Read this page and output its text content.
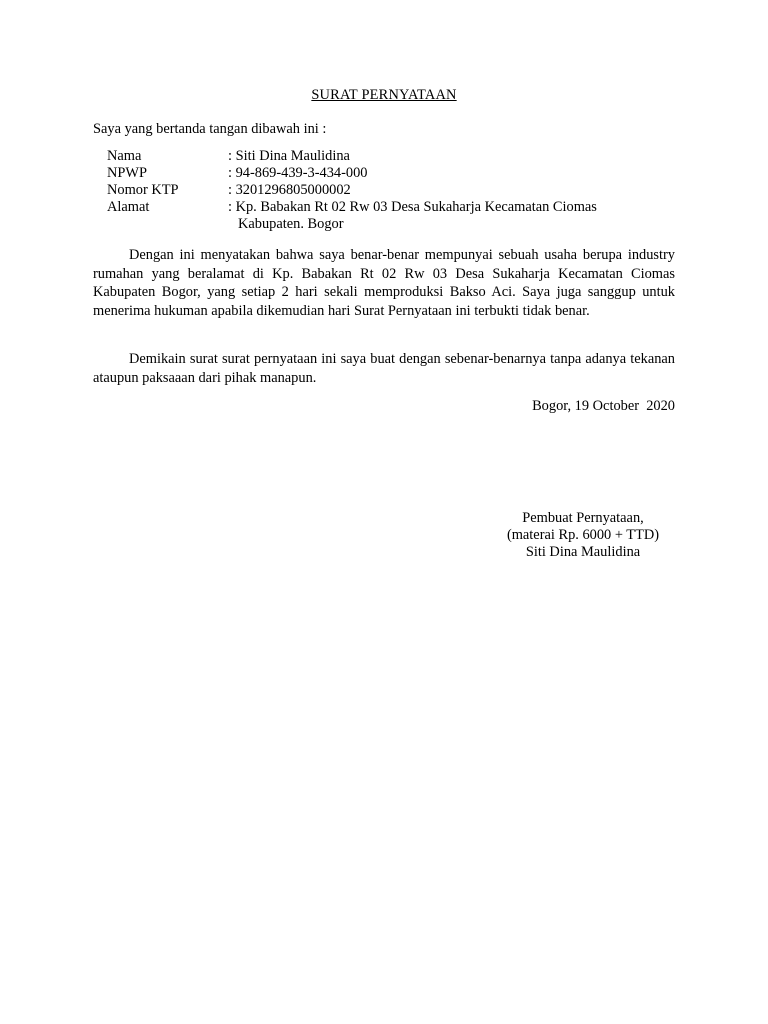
SURAT PERNYATAAN
Saya yang bertanda tangan dibawah ini :
Nama	: Siti Dina Maulidina
NPWP	: 94-869-439-3-434-000
Nomor KTP	: 3201296805000002
Alamat	: Kp. Babakan Rt 02 Rw 03 Desa Sukaharja Kecamatan Ciomas
Kabupaten. Bogor
Dengan ini menyatakan bahwa saya benar-benar mempunyai sebuah usaha berupa industry rumahan yang beralamat di Kp. Babakan Rt 02 Rw 03 Desa Sukaharja Kecamatan Ciomas Kabupaten Bogor, yang setiap 2 hari sekali memproduksi Bakso Aci. Saya juga sanggup untuk menerima hukuman apabila dikemudian hari Surat Pernyataan ini terbukti tidak benar.
Demikain surat surat pernyataan ini saya buat dengan sebenar-benarnya tanpa adanya tekanan ataupun paksaaan dari pihak manapun.
Bogor, 19 October  2020
Pembuat Pernyataan,
(materai Rp. 6000 + TTD)
Siti Dina Maulidina
